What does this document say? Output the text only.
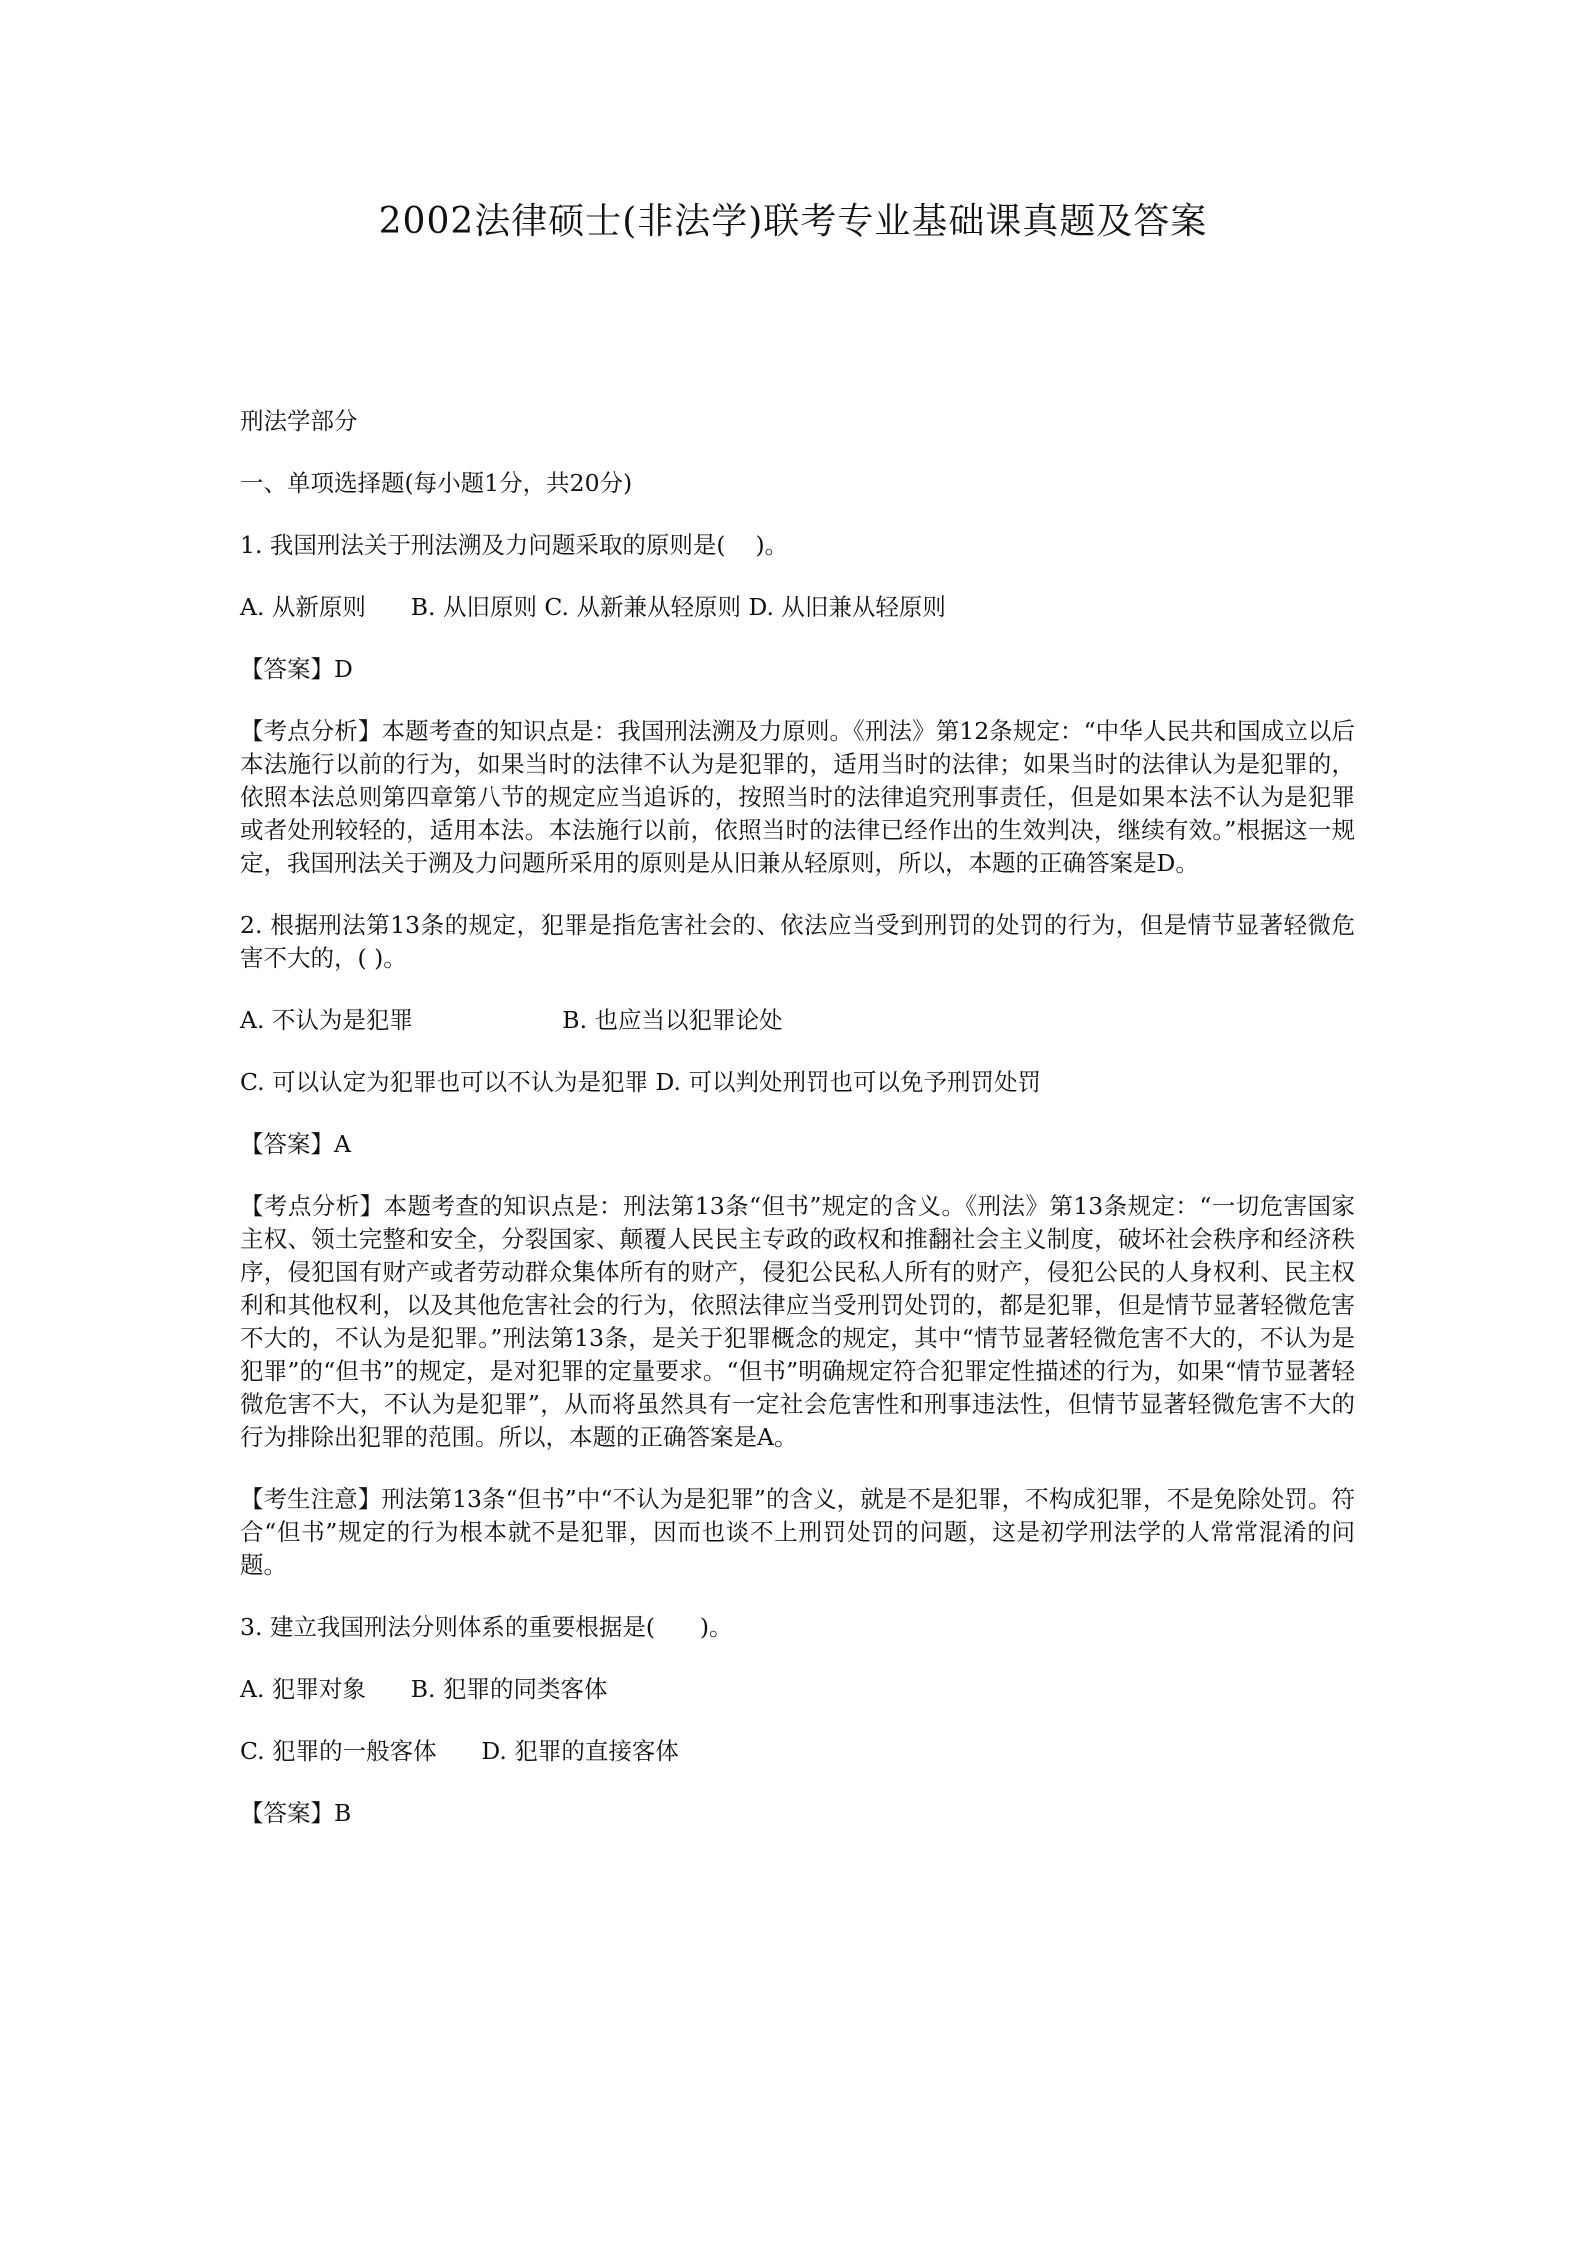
2002法律硕士(非法学)联考专业基础课真题及答案

刑法学部分

一、单项选择题(每小题1分，共20分)

1. 我国刑法关于刑法溯及力问题采取的原则是(    )。

A. 从新原则      B. 从旧原则 C. 从新兼从轻原则 D. 从旧兼从轻原则

【答案】D

【考点分析】本题考查的知识点是：我国刑法溯及力原则。《刑法》第12条规定：“中华人民共和国成立以后本法施行以前的行为，如果当时的法律不认为是犯罪的，适用当时的法律；如果当时的法律认为是犯罪的，依照本法总则第四章第八节的规定应当追诉的，按照当时的法律追究刑事责任，但是如果本法不认为是犯罪或者处刑较轻的，适用本法。本法施行以前，依照当时的法律已经作出的生效判决，继续有效。”根据这一规定，我国刑法关于溯及力问题所采用的原则是从旧兼从轻原则，所以，本题的正确答案是D。

2. 根据刑法第13条的规定，犯罪是指危害社会的、依法应当受到刑罚的处罚的行为，但是情节显著轻微危害不大的，( )。

A. 不认为是犯罪                    B. 也应当以犯罪论处

C. 可以认定为犯罪也可以不认为是犯罪 D. 可以判处刑罚也可以免予刑罚处罚

【答案】A

【考点分析】本题考查的知识点是：刑法第13条“但书”规定的含义。《刑法》第13条规定：“一切危害国家主权、领土完整和安全，分裂国家、颠覆人民民主专政的政权和推翻社会主义制度，破坏社会秩序和经济秩序，侵犯国有财产或者劳动群众集体所有的财产，侵犯公民私人所有的财产，侵犯公民的人身权利、民主权利和其他权利，以及其他危害社会的行为，依照法律应当受刑罚处罚的，都是犯罪，但是情节显著轻微危害不大的，不认为是犯罪。”刑法第13条，是关于犯罪概念的规定，其中“情节显著轻微危害不大的，不认为是犯罪”的“但书”的规定，是对犯罪的定量要求。“但书”明确规定符合犯罪定性描述的行为，如果“情节显著轻微危害不大，不认为是犯罪”，从而将虽然具有一定社会危害性和刑事违法性，但情节显著轻微危害不大的行为排除出犯罪的范围。所以，本题的正确答案是A。

【考生注意】刑法第13条“但书”中“不认为是犯罪”的含义，就是不是犯罪，不构成犯罪，不是免除处罚。符合“但书”规定的行为根本就不是犯罪，因而也谈不上刑罚处罚的问题，这是初学刑法学的人常常混淆的问题。

3. 建立我国刑法分则体系的重要根据是(      )。

A. 犯罪对象      B. 犯罪的同类客体

C. 犯罪的一般客体      D. 犯罪的直接客体

【答案】B
